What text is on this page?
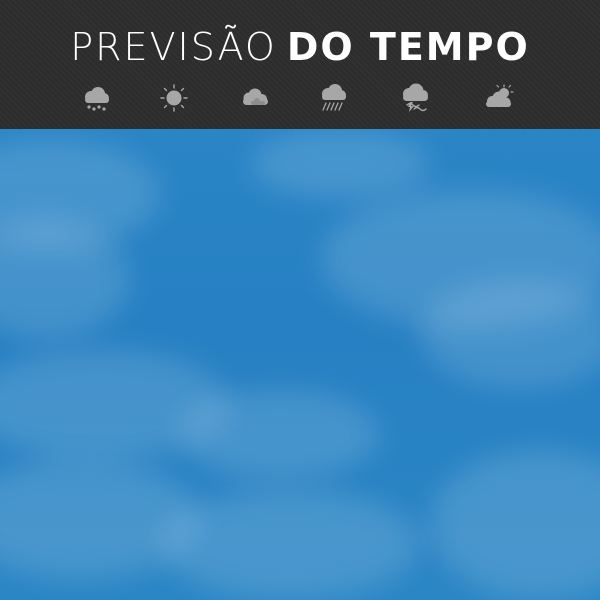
PREVISÃO DO TEMPO
